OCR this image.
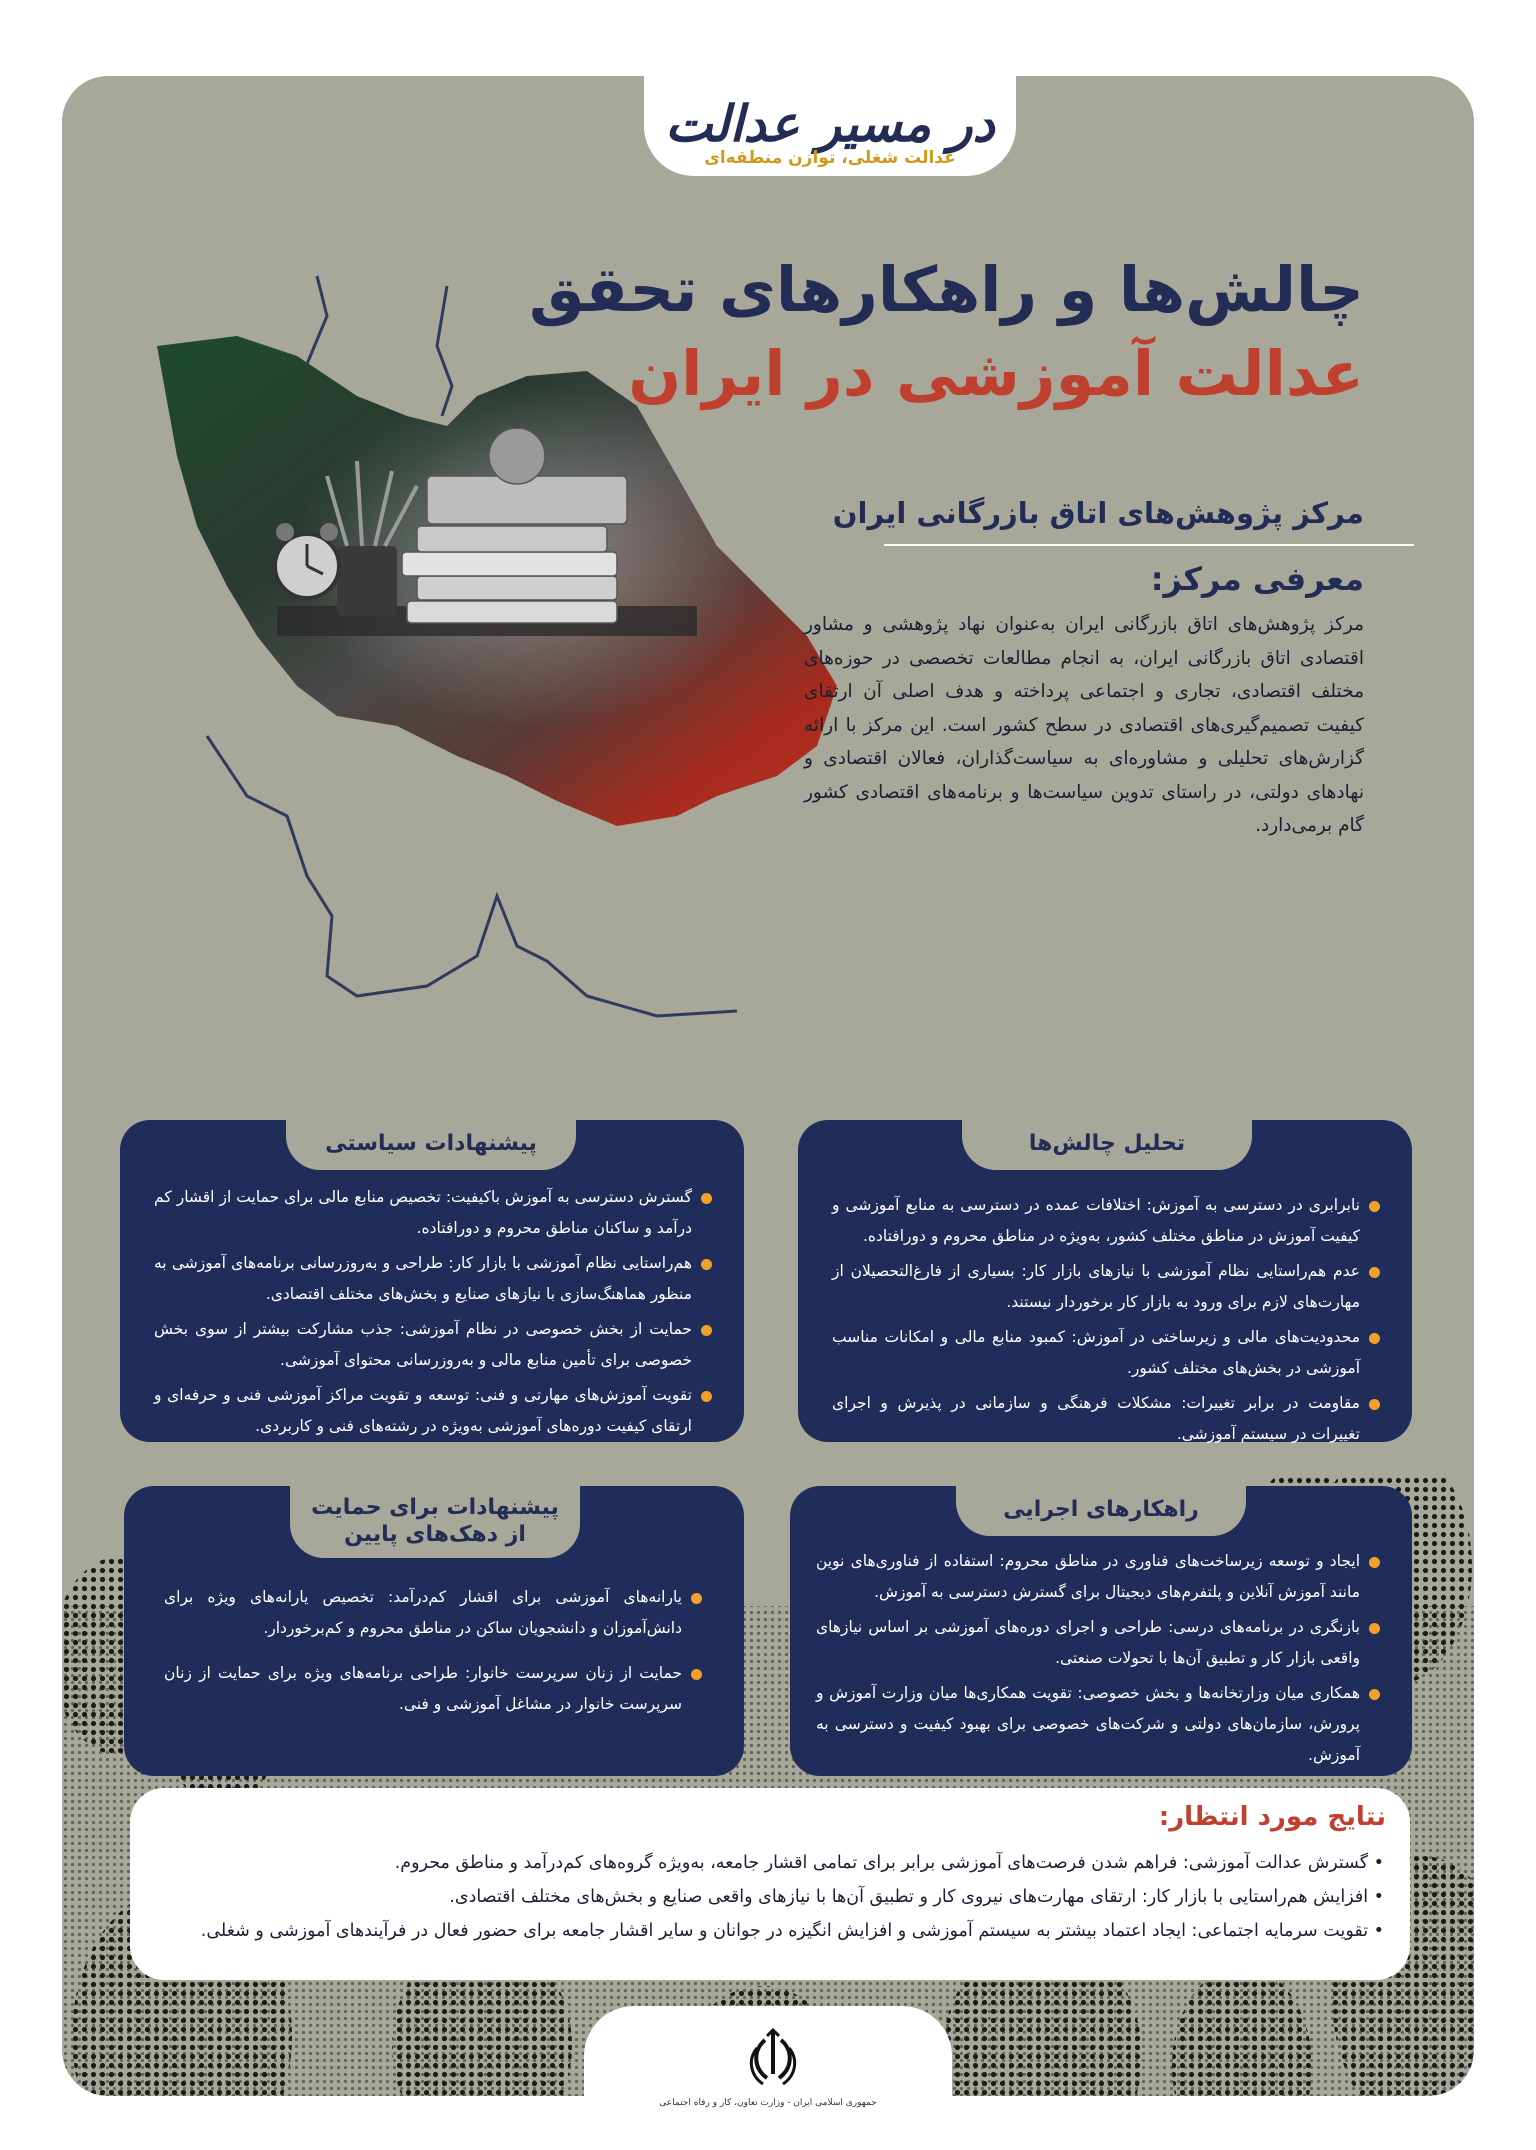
چالش‌ها و راهکارهای تحقق
عدالت آموزشی در ایران
مرکز پژوهش‌های اتاق بازرگانی ایران
معرفی مرکز:
مرکز پژوهش‌های اتاق بازرگانی ایران به‌عنوان نهاد پژوهشی و مشاور اقتصادی اتاق بازرگانی ایران، به انجام مطالعات تخصصی در حوزه‌های مختلف اقتصادی، تجاری و اجتماعی پرداخته و هدف اصلی آن ارتقای کیفیت تصمیم‌گیری‌های اقتصادی در سطح کشور است. این مرکز با ارائه گزارش‌های تحلیلی و مشاوره‌ای به سیاست‌گذاران، فعالان اقتصادی و نهادهای دولتی، در راستای تدوین سیاست‌ها و برنامه‌های اقتصادی کشور گام برمی‌دارد.
تحلیل چالش‌ها
نابرابری در دسترسی به آموزش: اختلافات عمده در دسترسی به منابع آموزشی و کیفیت آموزش در مناطق مختلف کشور، به‌ویژه در مناطق محروم و دورافتاده.
عدم هم‌راستایی نظام آموزشی با نیازهای بازار کار: بسیاری از فارغ‌التحصیلان از مهارت‌های لازم برای ورود به بازار کار برخوردار نیستند.
محدودیت‌های مالی و زیرساختی در آموزش: کمبود منابع مالی و امکانات مناسب آموزشی در بخش‌های مختلف کشور.
مقاومت در برابر تغییرات: مشکلات فرهنگی و سازمانی در پذیرش و اجرای تغییرات در سیستم آموزشی.
پیشنهادات سیاستی
گسترش دسترسی به آموزش باکیفیت: تخصیص منابع مالی برای حمایت از اقشار کم درآمد و ساکنان مناطق محروم و دورافتاده.
هم‌راستایی نظام آموزشی با بازار کار: طراحی و به‌روزرسانی برنامه‌های آموزشی به منظور هماهنگ‌سازی با نیازهای صنایع و بخش‌های مختلف اقتصادی.
حمایت از بخش خصوصی در نظام آموزشی: جذب مشارکت بیشتر از سوی بخش خصوصی برای تأمین منابع مالی و به‌روزرسانی محتوای آموزشی.
تقویت آموزش‌های مهارتی و فنی: توسعه و تقویت مراکز آموزشی فنی و حرفه‌ای و ارتقای کیفیت دوره‌های آموزشی به‌ویژه در رشته‌های فنی و کاربردی.
راهکارهای اجرایی
ایجاد و توسعه زیرساخت‌های فناوری در مناطق محروم: استفاده از فناوری‌های نوین مانند آموزش آنلاین و پلتفرم‌های دیجیتال برای گسترش دسترسی به آموزش.
بازنگری در برنامه‌های درسی: طراحی و اجرای دوره‌های آموزشی بر اساس نیازهای واقعی بازار کار و تطبیق آن‌ها با تحولات صنعتی.
همکاری میان وزارتخانه‌ها و بخش خصوصی: تقویت همکاری‌ها میان وزارت آموزش و پرورش، سازمان‌های دولتی و شرکت‌های خصوصی برای بهبود کیفیت و دسترسی به آموزش.
پیشنهادات برای حمایت
از دهک‌های پایین
یارانه‌های آموزشی برای اقشار کم‌درآمد: تخصیص یارانه‌های ویژه برای دانش‌آموزان و دانشجویان ساکن در مناطق محروم و کم‌برخوردار.
حمایت از زنان سرپرست خانوار: طراحی برنامه‌های ویژه برای حمایت از زنان سرپرست خانوار در مشاغل آموزشی و فنی.
نتایج مورد انتظار:
• گسترش عدالت آموزشی: فراهم شدن فرصت‌های آموزشی برابر برای تمامی اقشار جامعه، به‌ویژه گروه‌های کم‌درآمد و مناطق محروم.
• افزایش هم‌راستایی با بازار کار: ارتقای مهارت‌های نیروی کار و تطبیق آن‌ها با نیازهای واقعی صنایع و بخش‌های مختلف اقتصادی.
• تقویت سرمایه اجتماعی: ایجاد اعتماد بیشتر به سیستم آموزشی و افزایش انگیزه در جوانان و سایر اقشار جامعه برای حضور فعال در فرآیندهای آموزشی و شغلی.
در مسیر عدالت
عدالت شغلی، توازن منطقه‌ای
جمهوری اسلامی ایران - وزارت تعاون، کار و رفاه اجتماعی
